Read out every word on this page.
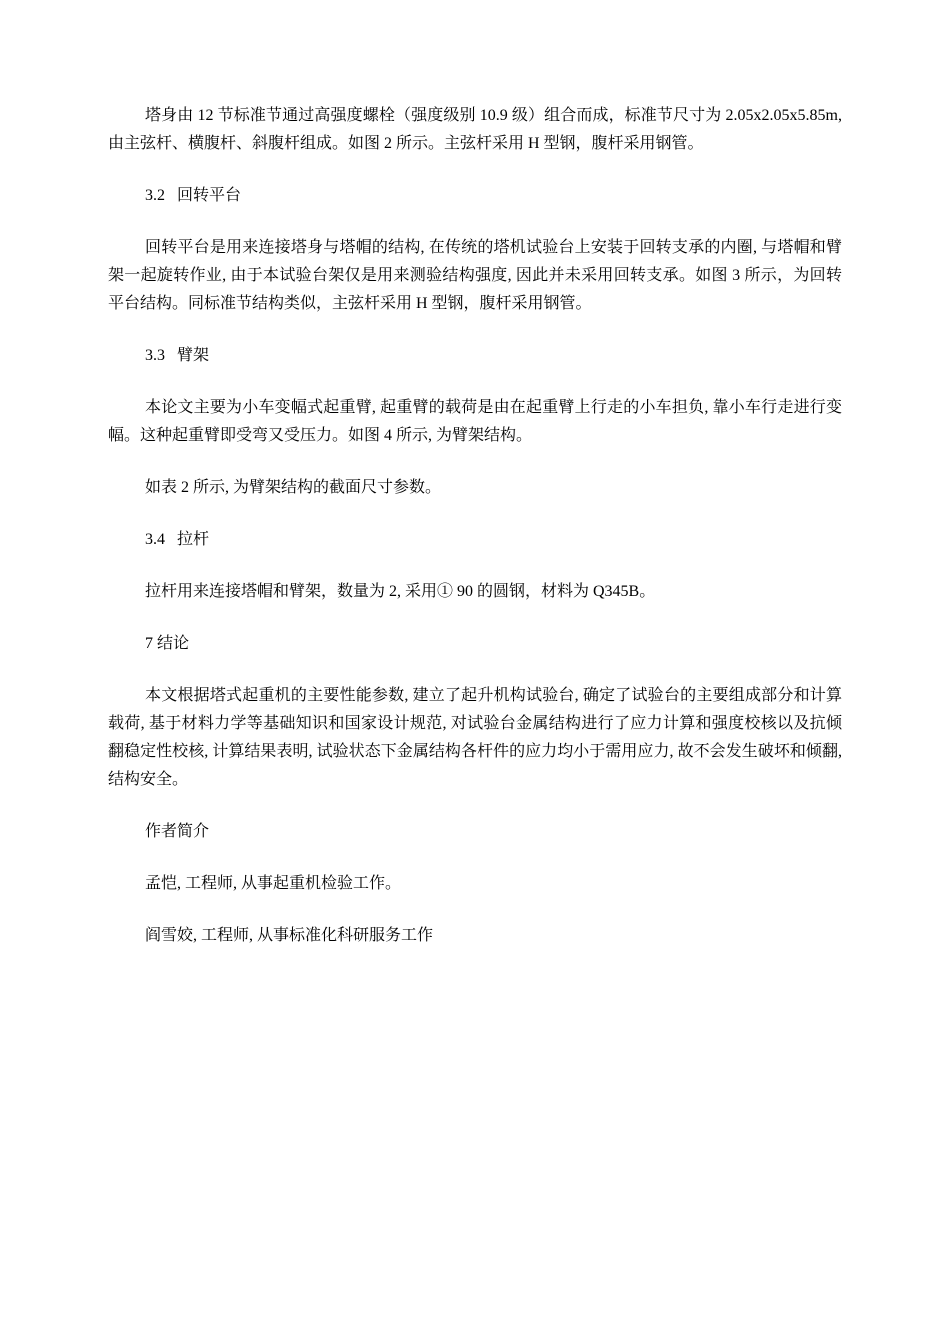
塔身由 12 节标准节通过高强度螺栓（强度级别 10.9 级）组合而成，标准节尺寸为 2.05x2.05x5.85m, 由主弦杆、横腹杆、斜腹杆组成。如图 2 所示。主弦杆采用 H 型钢，腹杆采用钢管。

3.2 回转平台

回转平台是用来连接塔身与塔帽的结构, 在传统的塔机试验台上安装于回转支承的内圈, 与塔帽和臂架一起旋转作业, 由于本试验台架仅是用来测验结构强度, 因此并未采用回转支承。如图 3 所示，为回转平台结构。同标准节结构类似，主弦杆采用 H 型钢，腹杆采用钢管。

3.3 臂架

本论文主要为小车变幅式起重臂, 起重臂的载荷是由在起重臂上行走的小车担负, 靠小车行走进行变幅。这种起重臂即受弯又受压力。如图 4 所示, 为臂架结构。

如表 2 所示, 为臂架结构的截面尺寸参数。

3.4 拉杆

拉杆用来连接塔帽和臂架，数量为 2, 采用① 90 的圆钢，材料为 Q345B。

7 结论

本文根据塔式起重机的主要性能参数, 建立了起升机构试验台, 确定了试验台的主要组成部分和计算载荷, 基于材料力学等基础知识和国家设计规范, 对试验台金属结构进行了应力计算和强度校核以及抗倾翻稳定性校核, 计算结果表明, 试验状态下金属结构各杆件的应力均小于需用应力, 故不会发生破坏和倾翻, 结构安全。

作者简介
孟恺, 工程师, 从事起重机检验工作。
阎雪姣, 工程师, 从事标准化科研服务工作
